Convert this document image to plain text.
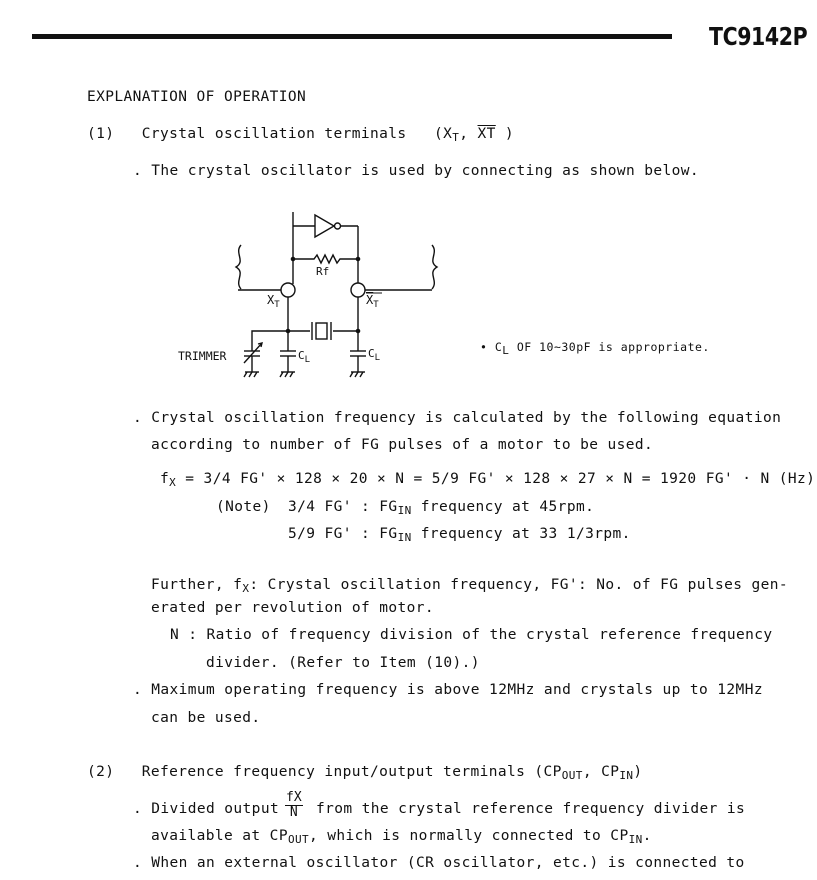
TC9142P
EXPLANATION OF OPERATION
(1) Crystal oscillation terminals ($X_T$, $\overline{XT}$ )
. The crystal oscillator is used by connecting as shown below.
Rf
$X_T$	$X_T$
TRIMMER	$C_L$	$C_L$
• $C_L$ OF 10~30pF is appropriate.
. Crystal oscillation frequency is calculated by the following equation
according to number of FG pulses of a motor to be used.
$f_X = 3/4$ FG' × 128 × 20 × N = 5/9 FG' × 128 × 27 × N = 1920 FG' · N (Hz)
(Note) 3/4 FG' : $FG_{IN}$ frequency at 45rpm.
5/9 FG' : $FG_{IN}$ frequency at 33 1/3rpm.
Further, $f_X$: Crystal oscillation frequency, FG': No. of FG pulses gen-
erated per revolution of motor.
N : Ratio of frequency division of the crystal reference frequency
divider. (Refer to Item (10).)
. Maximum operating frequency is above 12MHz and crystals up to 12MHz
can be used.
(2) Reference frequency input/output terminals ($CP_{OUT}$, $CP_{IN}$)
. Divided output $\frac{fX}{N}$ from the crystal reference frequency divider is
available at $CP_{OUT}$, which is normally connected to $CP_{IN}$.
. When an external oscillator (CR oscillator, etc.) is connected to
